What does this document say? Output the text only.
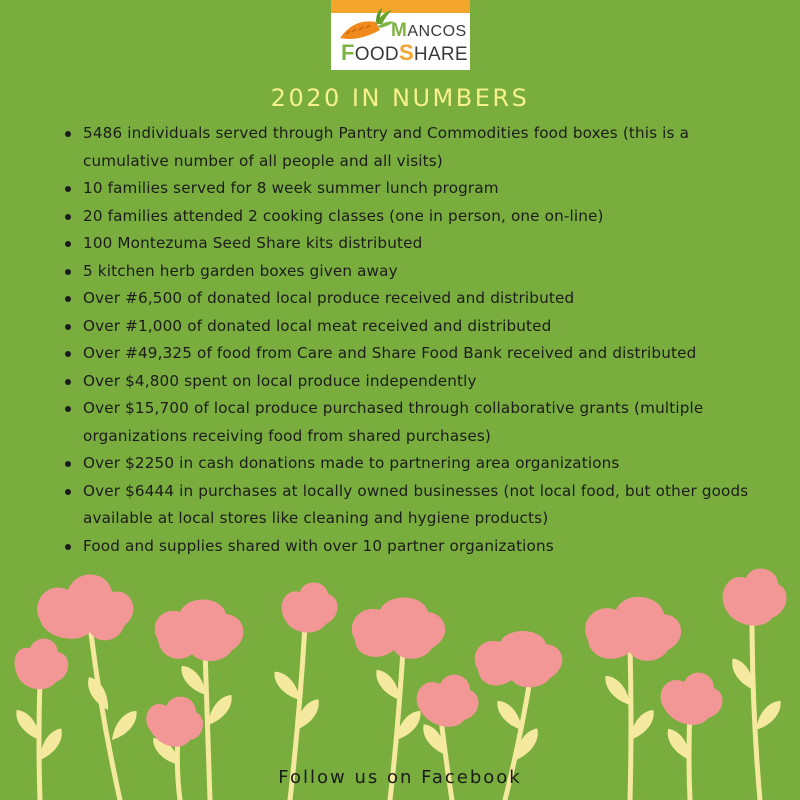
MANCOS
FOODSHARE
2020 IN NUMBERS
5486 individuals served through Pantry and Commodities food boxes (this is a cumulative number of all people and all visits)
10 families served for 8 week summer lunch program
20 families attended 2 cooking classes (one in person, one on-line)
100 Montezuma Seed Share kits distributed
5 kitchen herb garden boxes given away
Over #6,500 of donated local produce received and distributed
Over #1,000 of donated local meat received and distributed
Over #49,325 of food from Care and Share Food Bank received and distributed
Over $4,800 spent on local produce independently
Over $15,700 of local produce purchased through collaborative grants (multiple organizations receiving food from shared purchases)
Over $2250 in cash donations made to partnering area organizations
Over $6444 in purchases at locally owned businesses (not local food, but other goods available at local stores like cleaning and hygiene products)
Food and supplies shared with over 10 partner organizations
Follow us on Facebook
